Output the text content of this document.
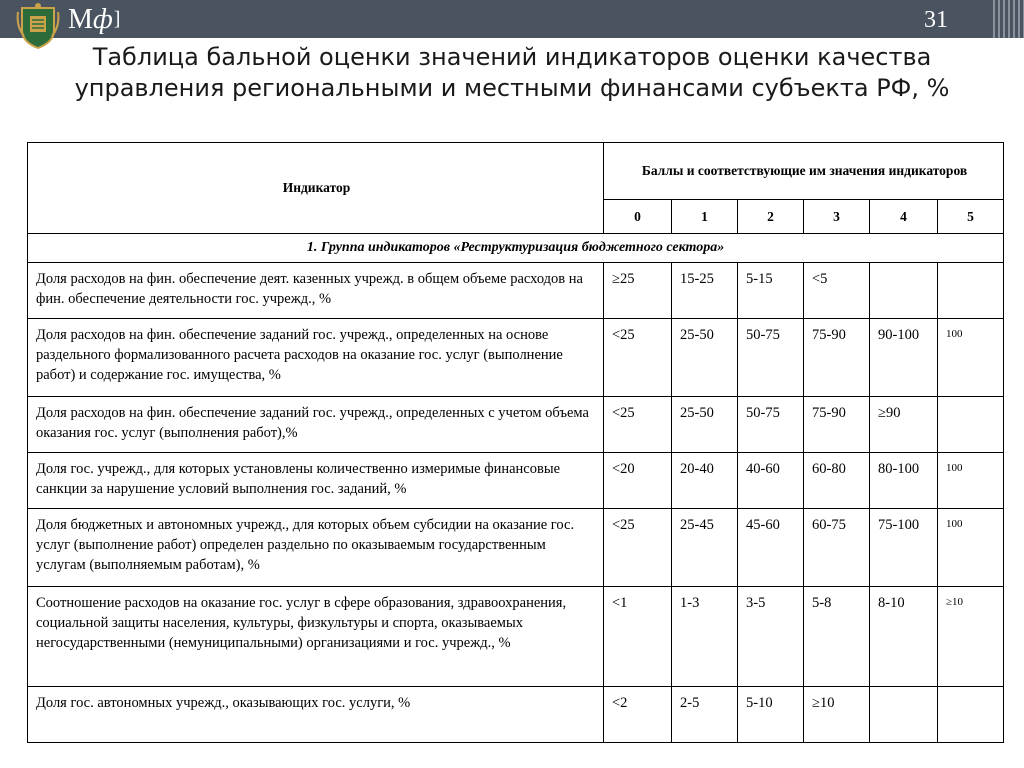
Мф]	31
Таблица бальной оценки значений индикаторов оценки качества управления региональными и местными финансами субъекта РФ, %
Индикатор	Баллы и соответствующие им значения индикаторов					
	0	1	2	3	4	5
1. Группа индикаторов «Реструктуризация бюджетного сектора»						
Доля расходов на фин. обеспечение деят. казенных учрежд. в общем объеме расходов на фин. обеспечение деятельности гос. учрежд., %	≥25	15-25	5-15	<5		
Доля расходов на фин. обеспечение заданий гос. учрежд., определенных на основе раздельного формализованного расчета расходов на оказание гос. услуг (выполнение работ) и содержание гос. имущества, %	<25	25-50	50-75	75-90	90-100	100
Доля расходов на фин. обеспечение заданий гос. учрежд., определенных с учетом объема оказания гос. услуг (выполнения работ),%	<25	25-50	50-75	75-90	≥90	
Доля гос. учрежд., для которых установлены количественно измеримые финансовые санкции за нарушение условий выполнения гос. заданий, %	<20	20-40	40-60	60-80	80-100	100
Доля бюджетных и автономных учрежд., для которых объем субсидии на оказание гос. услуг (выполнение работ) определен раздельно по оказываемым государственным услугам (выполняемым работам), %	<25	25-45	45-60	60-75	75-100	100
Соотношение расходов на оказание гос. услуг в сфере образования, здравоохранения, социальной защиты населения, культуры, физкультуры и спорта, оказываемых негосударственными (немуниципальными) организациями и гос. учрежд., %	<1	1-3	3-5	5-8	8-10	≥10
Доля гос. автономных учрежд., оказывающих гос. услуги, %	<2	2-5	5-10	≥10		
